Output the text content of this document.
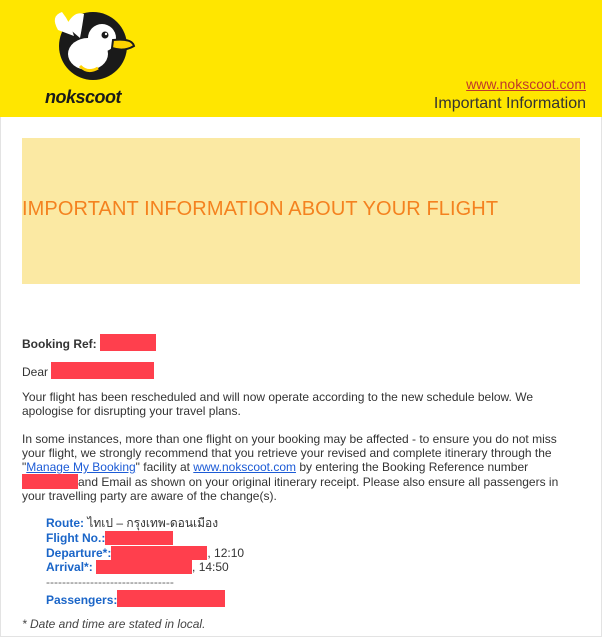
nokscoot
www.nokscoot.com
Important Information
IMPORTANT INFORMATION ABOUT YOUR FLIGHT
Booking Ref:
Dear
Your flight has been rescheduled and will now operate according to the new schedule below. We apologise for disrupting your travel plans.
In some instances, more than one flight on your booking may be affected - to ensure you do not miss your flight, we strongly recommend that you retrieve your revised and complete itinerary through the "Manage My Booking" facility at www.nokscoot.com by entering the Booking Reference number
and Email as shown on your original itinerary receipt. Please also ensure all passengers in your travelling party are aware of the change(s).
Route: ไทเป – กรุงเทพ-ดอนเมือง
Flight No.:
Departure*:	, 12:10
Arrival*:	, 14:50
--------------------------------
Passengers:
* Date and time are stated in local.
